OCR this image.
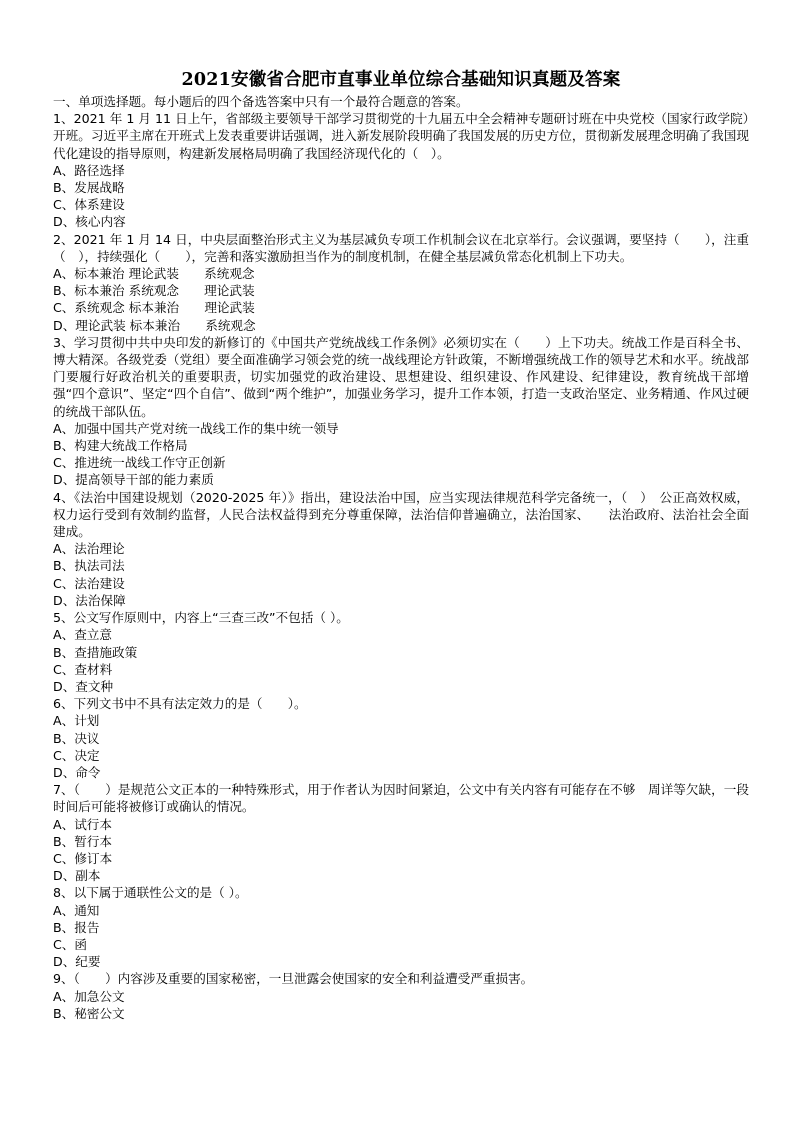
2021安徽省合肥市直事业单位综合基础知识真题及答案
一、单项选择题。每小题后的四个备选答案中只有一个最符合题意的答案。
1、2021 年 1 月 11 日上午，省部级主要领导干部学习贯彻党的十九届五中全会精神专题研讨班在中央党校（国家行政学院）开班。习近平主席在开班式上发表重要讲话强调，进入新发展阶段明确了我国发展的历史方位，贯彻新发展理念明确了我国现代化建设的指导原则，构建新发展格局明确了我国经济现代化的（　）。
A、路径选择
B、发展战略
C、体系建设
D、核心内容
2、2021 年 1 月 14 日，中央层面整治形式主义为基层减负专项工作机制会议在北京举行。会议强调，要坚持（　　），注重（　），持续强化（　　），完善和落实激励担当作为的制度机制，在健全基层减负常态化机制上下功夫。
A、标本兼治 理论武装　　系统观念
B、标本兼治 系统观念　　理论武装
C、系统观念 标本兼治　　理论武装
D、理论武装 标本兼治　　系统观念
3、学习贯彻中共中央印发的新修订的《中国共产党统战线工作条例》必须切实在（　　）上下功夫。统战工作是百科全书、博大精深。各级党委（党组）要全面准确学习领会党的统一战线理论方针政策，不断增强统战工作的领导艺术和水平。统战部门要履行好政治机关的重要职责，切实加强党的政治建设、思想建设、组织建设、作风建设、纪律建设，教育统战干部增强“四个意识”、坚定“四个自信”、做到“两个维护”，加强业务学习，提升工作本领，打造一支政治坚定、业务精通、作风过硬的统战干部队伍。
A、加强中国共产党对统一战线工作的集中统一领导
B、构建大统战工作格局
C、推进统一战线工作守正创新
D、提高领导干部的能力素质
4、《法治中国建设规划（2020-2025 年）》指出，建设法治中国，应当实现法律规范科学完备统一，（　）　公正高效权威，权力运行受到有效制约监督，人民合法权益得到充分尊重保障，法治信仰普遍确立，法治国家、　　法治政府、法治社会全面建成。
A、法治理论
B、执法司法
C、法治建设
D、法治保障
5、公文写作原则中，内容上“三查三改”不包括（ ）。
A、查立意
B、查措施政策
C、查材料
D、查文种
6、下列文书中不具有法定效力的是（　　）。
A、计划
B、决议
C、决定
D、命令
7、（　　）是规范公文正本的一种特殊形式，用于作者认为因时间紧迫，公文中有关内容有可能存在不够　周详等欠缺，一段时间后可能将被修订或确认的情况。
A、试行本
B、暂行本
C、修订本
D、副本
8、以下属于通联性公文的是（ ）。
A、通知
B、报告
C、函
D、纪要
9、（　　）内容涉及重要的国家秘密，一旦泄露会使国家的安全和利益遭受严重损害。
A、加急公文
B、秘密公文
